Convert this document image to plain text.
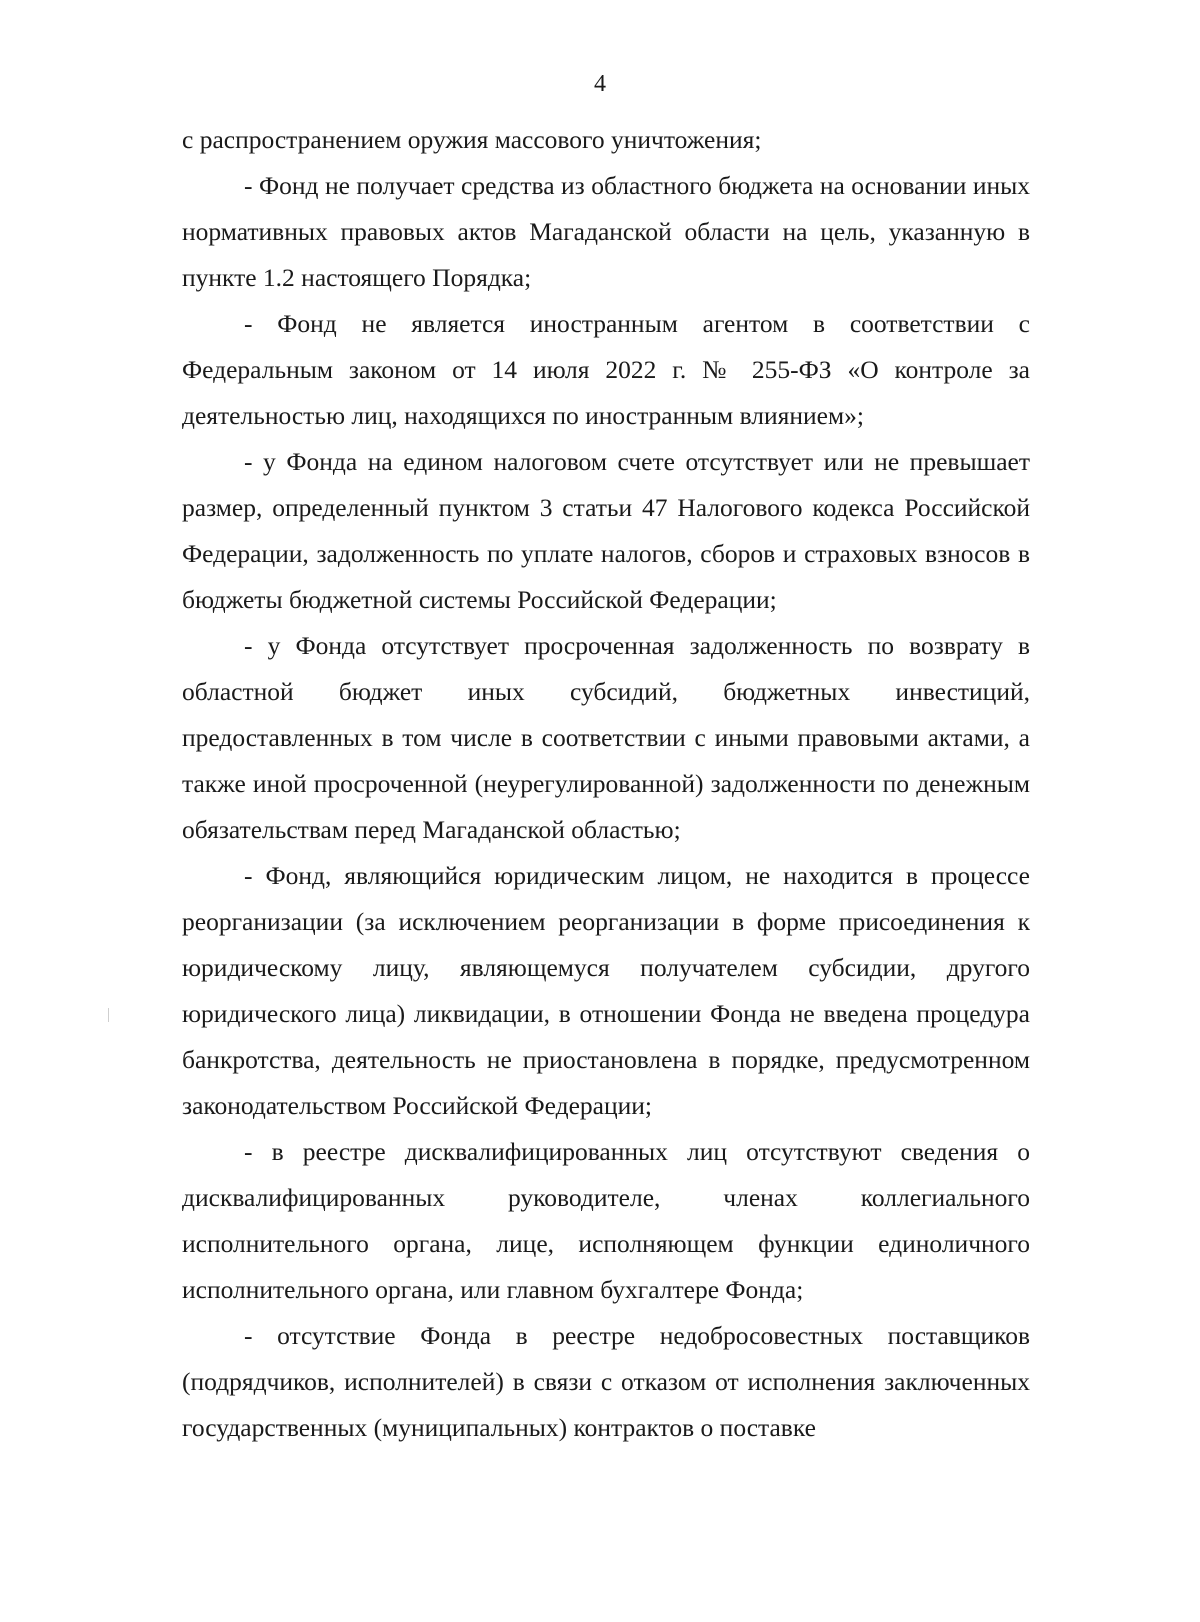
4

с распространением оружия массового уничтожения;

- Фонд не получает средства из областного бюджета на основании иных нормативных правовых актов Магаданской области на цель, указанную в пункте 1.2 настоящего Порядка;

- Фонд не является иностранным агентом в соответствии с Федеральным законом от 14 июля 2022 г. № 255-ФЗ «О контроле за деятельностью лиц, находящихся по иностранным влиянием»;

- у Фонда на едином налоговом счете отсутствует или не превышает размер, определенный пунктом 3 статьи 47 Налогового кодекса Российской Федерации, задолженность по уплате налогов, сборов и страховых взносов в бюджеты бюджетной системы Российской Федерации;

- у Фонда отсутствует просроченная задолженность по возврату в областной бюджет иных субсидий, бюджетных инвестиций, предоставленных в том числе в соответствии с иными правовыми актами, а также иной просроченной (неурегулированной) задолженности по денежным обязательствам перед Магаданской областью;

- Фонд, являющийся юридическим лицом, не находится в процессе реорганизации (за исключением реорганизации в форме присоединения к юридическому лицу, являющемуся получателем субсидии, другого юридического лица) ликвидации, в отношении Фонда не введена процедура банкротства, деятельность не приостановлена в порядке, предусмотренном законодательством Российской Федерации;

- в реестре дисквалифицированных лиц отсутствуют сведения о дисквалифицированных руководителе, членах коллегиального исполнительного органа, лице, исполняющем функции единоличного исполнительного органа, или главном бухгалтере Фонда;

- отсутствие Фонда в реестре недобросовестных поставщиков (подрядчиков, исполнителей) в связи с отказом от исполнения заключенных государственных (муниципальных) контрактов о поставке
